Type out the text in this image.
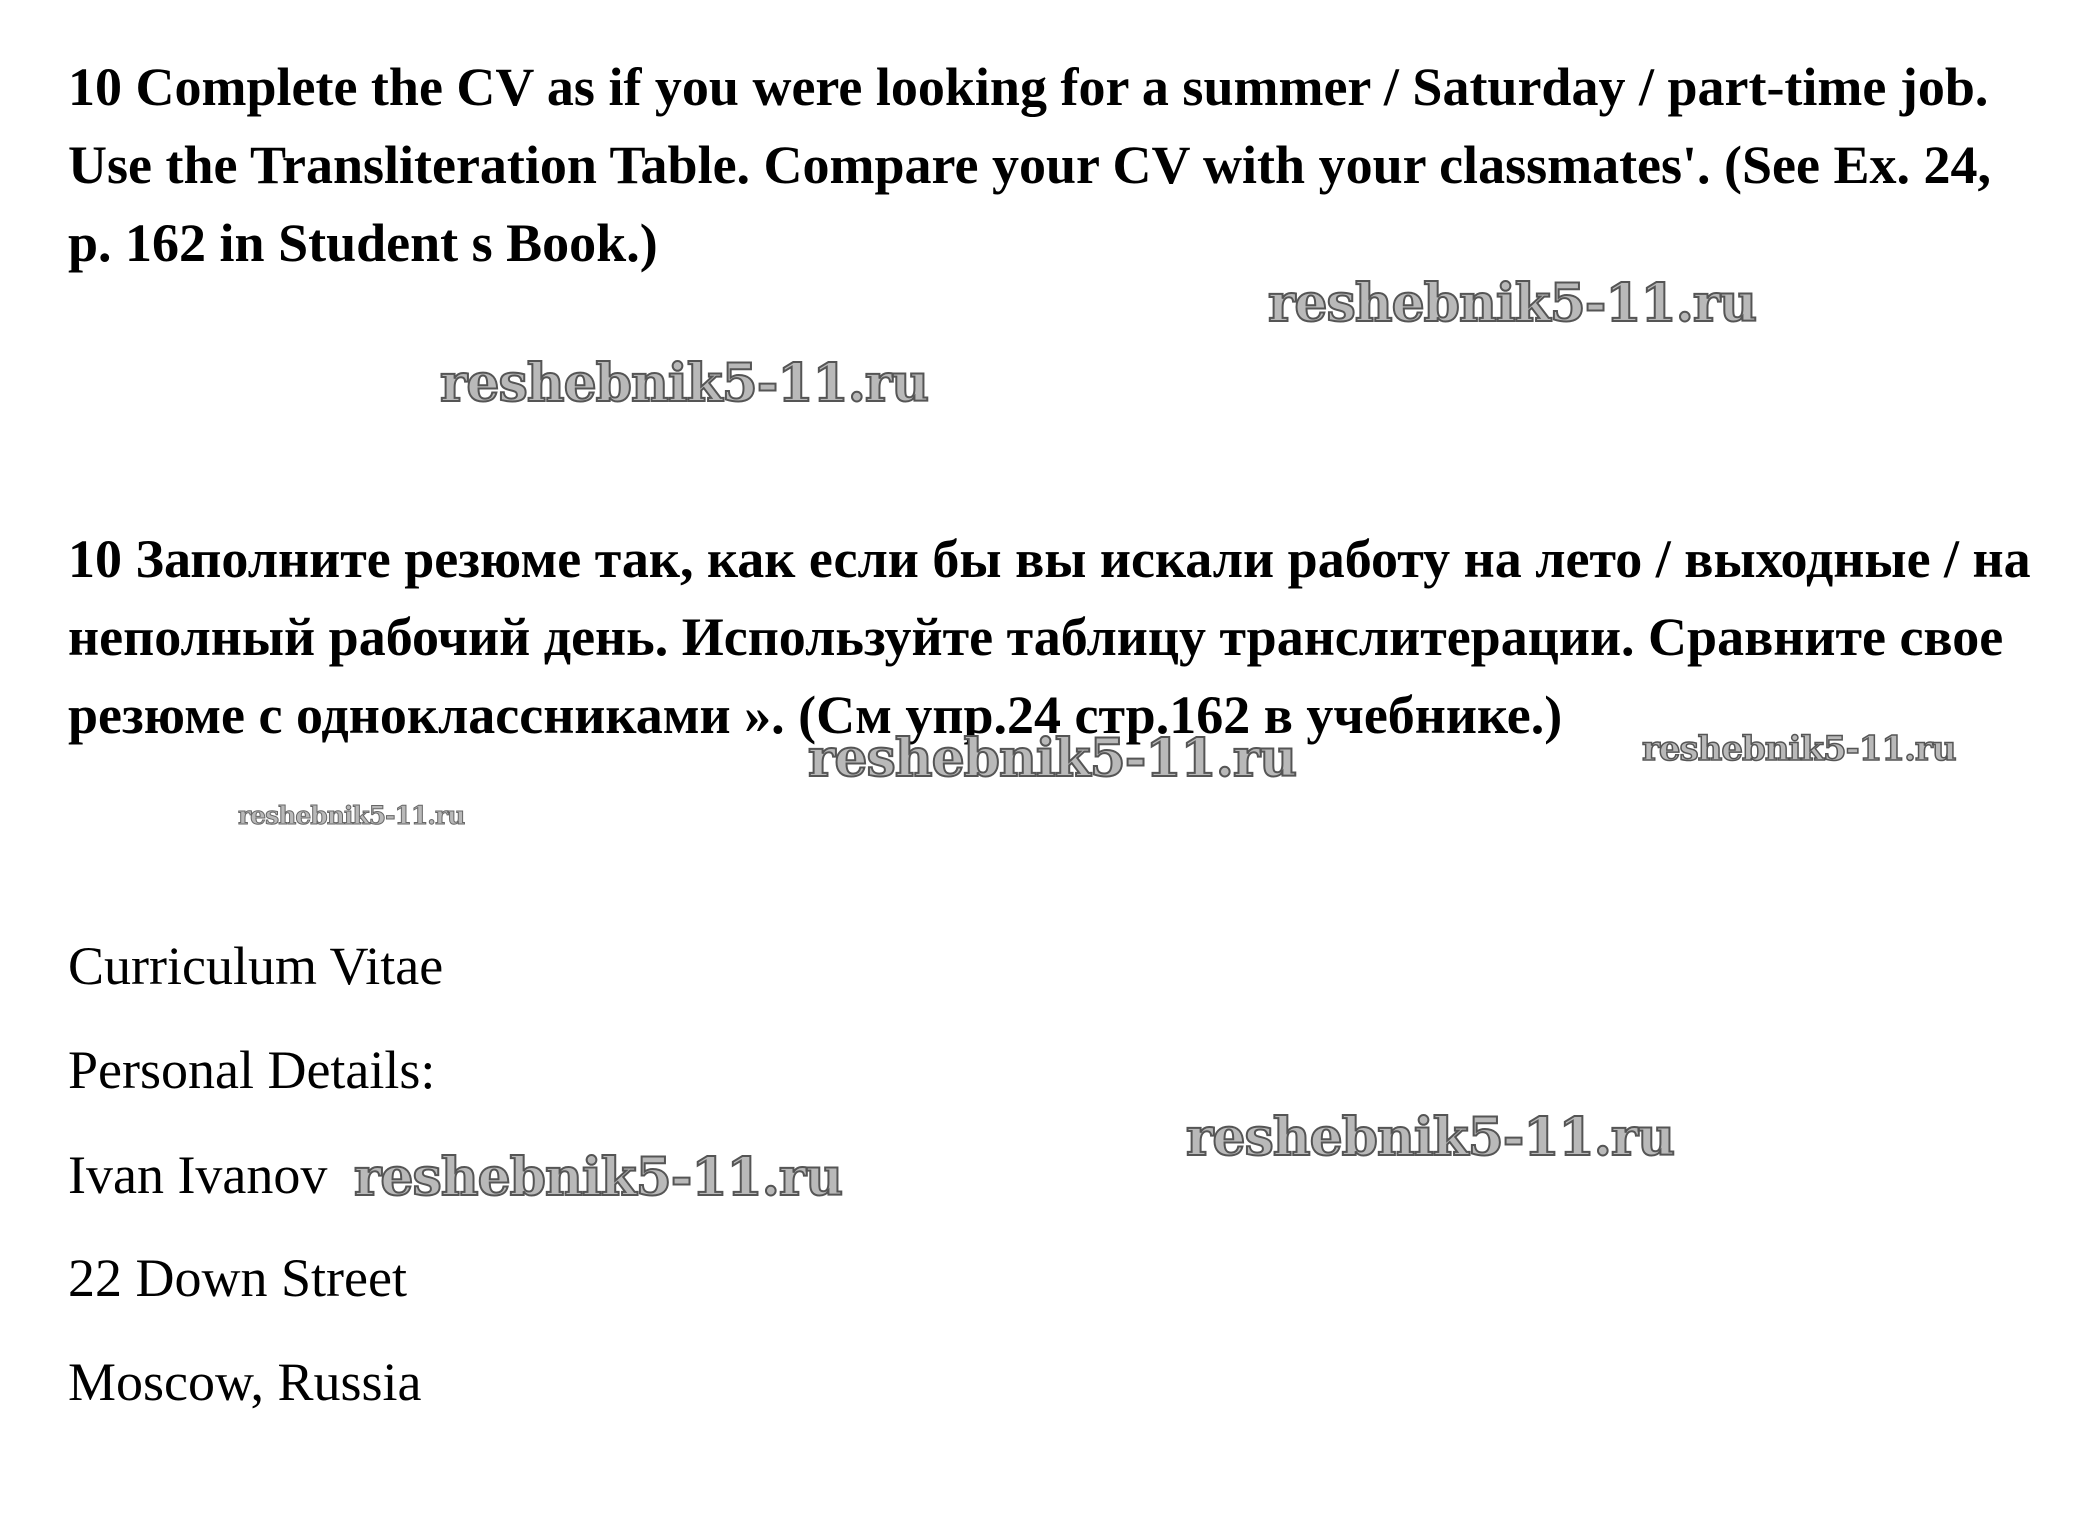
10 Complete the CV as if you were looking for a summer / Saturday / part-time job. Use the Transliteration Table. Compare your CV with your classmates'. (See Ex. 24, p. 162 in Student s Book.)

reshebnik5-11.ru
reshebnik5-11.ru

10 Заполните резюме так, как если бы вы искали работу на лето / выходные / на неполный рабочий день. Используйте таблицу транслитерации. Сравните свое резюме с одноклассниками ». (См упр.24 стр.162 в учебнике.)

reshebnik5-11.ru	reshebnik5-11.ru
reshebnik5-11.ru
Curriculum Vitae
Personal Details:
Ivan Ivanov
22 Down Street
Moscow, Russia
reshebnik5-11.ru
reshebnik5-11.ru
